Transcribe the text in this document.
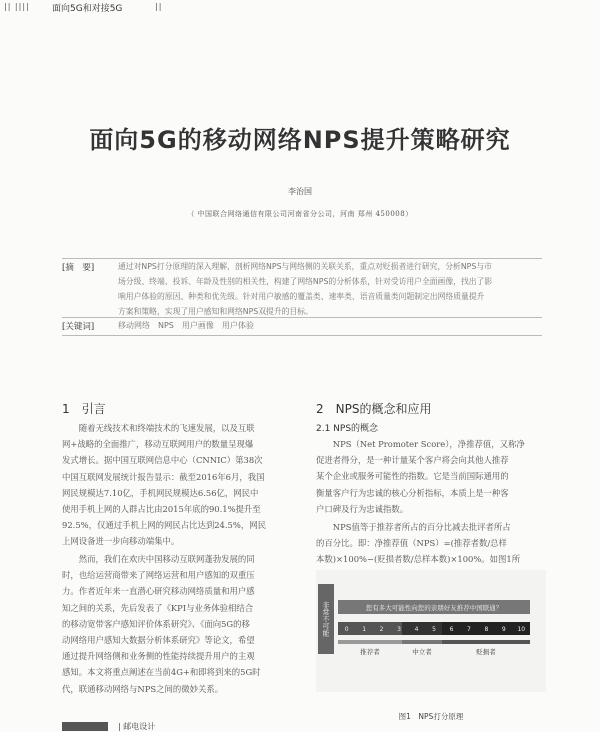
|| |||| 面向5G和对接5G	||
面向5G的移动网络NPS提升策略研究
李治国
（ 中国联合网络通信有限公司河南省分公司，河南 郑州 450008）
[摘　要]	通过对NPS打分原理的深入理解，剖析网络NPS与网络侧的关联关系，重点对贬损者进行研究，分析NPS与市
场分级、终端、投诉、年龄及性别的相关性，构建了网络NPS的分析体系，针对受访用户全面画像，找出了影
响用户体验的原因、种类和优先级。针对用户敏感的覆盖类、速率类、语音质量类问题制定出网络质量提升
方案和策略，实现了用户感知和网络NPS双提升的目标。
[关键词]	移动网络　NPS　用户画像　用户体验
1　引言
　　随着无线技术和终端技术的飞速发展，以及互联
网+战略的全面推广，移动互联网用户的数量呈现爆
发式增长。据中国互联网信息中心（CNNIC）第38次
中国互联网发展统计报告显示：截至2016年6月，我国
网民规模达7.10亿，手机网民规模达6.56亿，网民中
使用手机上网的人群占比由2015年底的90.1%提升至
92.5%，仅通过手机上网的网民占比达到24.5%，网民
上网设备进一步向移动端集中。
　　然而，我们在欢庆中国移动互联网蓬勃发展的同
时，也给运营商带来了网络运营和用户感知的双重压
力。作者近年来一直潜心研究移动网络质量和用户感
知之间的关系，先后发表了《KPI与业务体验相结合
的移动宽带客户感知评价体系研究》、《面向5G的移
动网络用户感知大数据分析体系研究》等论文，希望
通过提升网络侧和业务侧的性能持续提升用户的主观
感知。本文将重点阐述在当前4G+和即将到来的5G时
代，联通移动网络与NPS之间的微妙关系。
2　NPS的概念和应用
2.1 NPS的概念
　　NPS（Net Promoter Score），净推荐值，又称净
促进者得分，是一种计量某个客户将会向其他人推荐
某个企业或服务可能性的指数。它是当前国际通用的
衡量客户行为忠诚的核心分析指标，本质上是一种客
户口碑及行为忠诚指数。
　　NPS值等于推荐者所占的百分比减去批评者所占
的百分比。即：净推荐值（NPS）=(推荐者数/总样
本数)×100%−(贬损者数/总样本数)×100%。如图1所
非常不可能	您有多大可能性向您的亲朋好友推荐中国联通？
0 1 2 3 4 5 6 7 8 9 10
推荐者	中立者	贬损者
图1　NPS打分原理
| 邮电设计
